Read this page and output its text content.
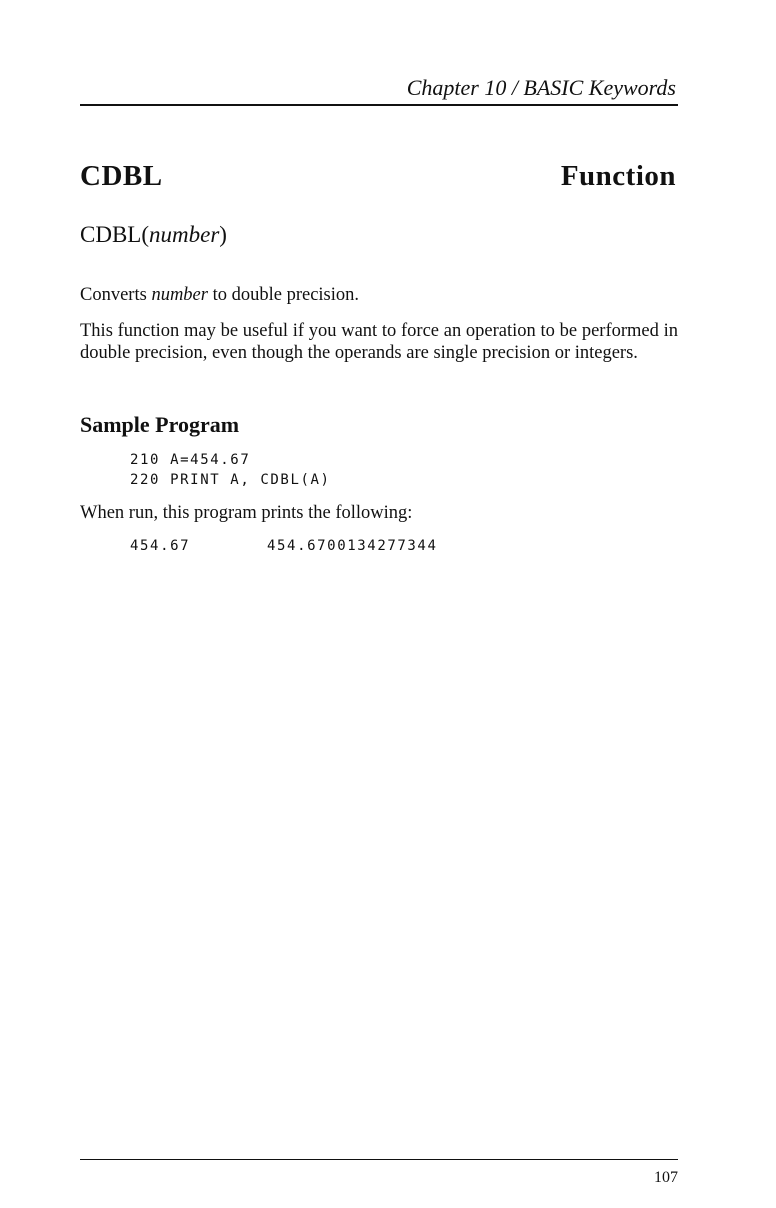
Chapter 10 / BASIC Keywords
CDBL	Function
CDBL(number)

Converts number to double precision.

This function may be useful if you want to force an operation to be performed in double precision, even though the operands are single precision or integers.

Sample Program
210 A=454.67
220 PRINT A, CDBL(A)

When run, this program prints the following:

454.67	454.6700134277344
107
